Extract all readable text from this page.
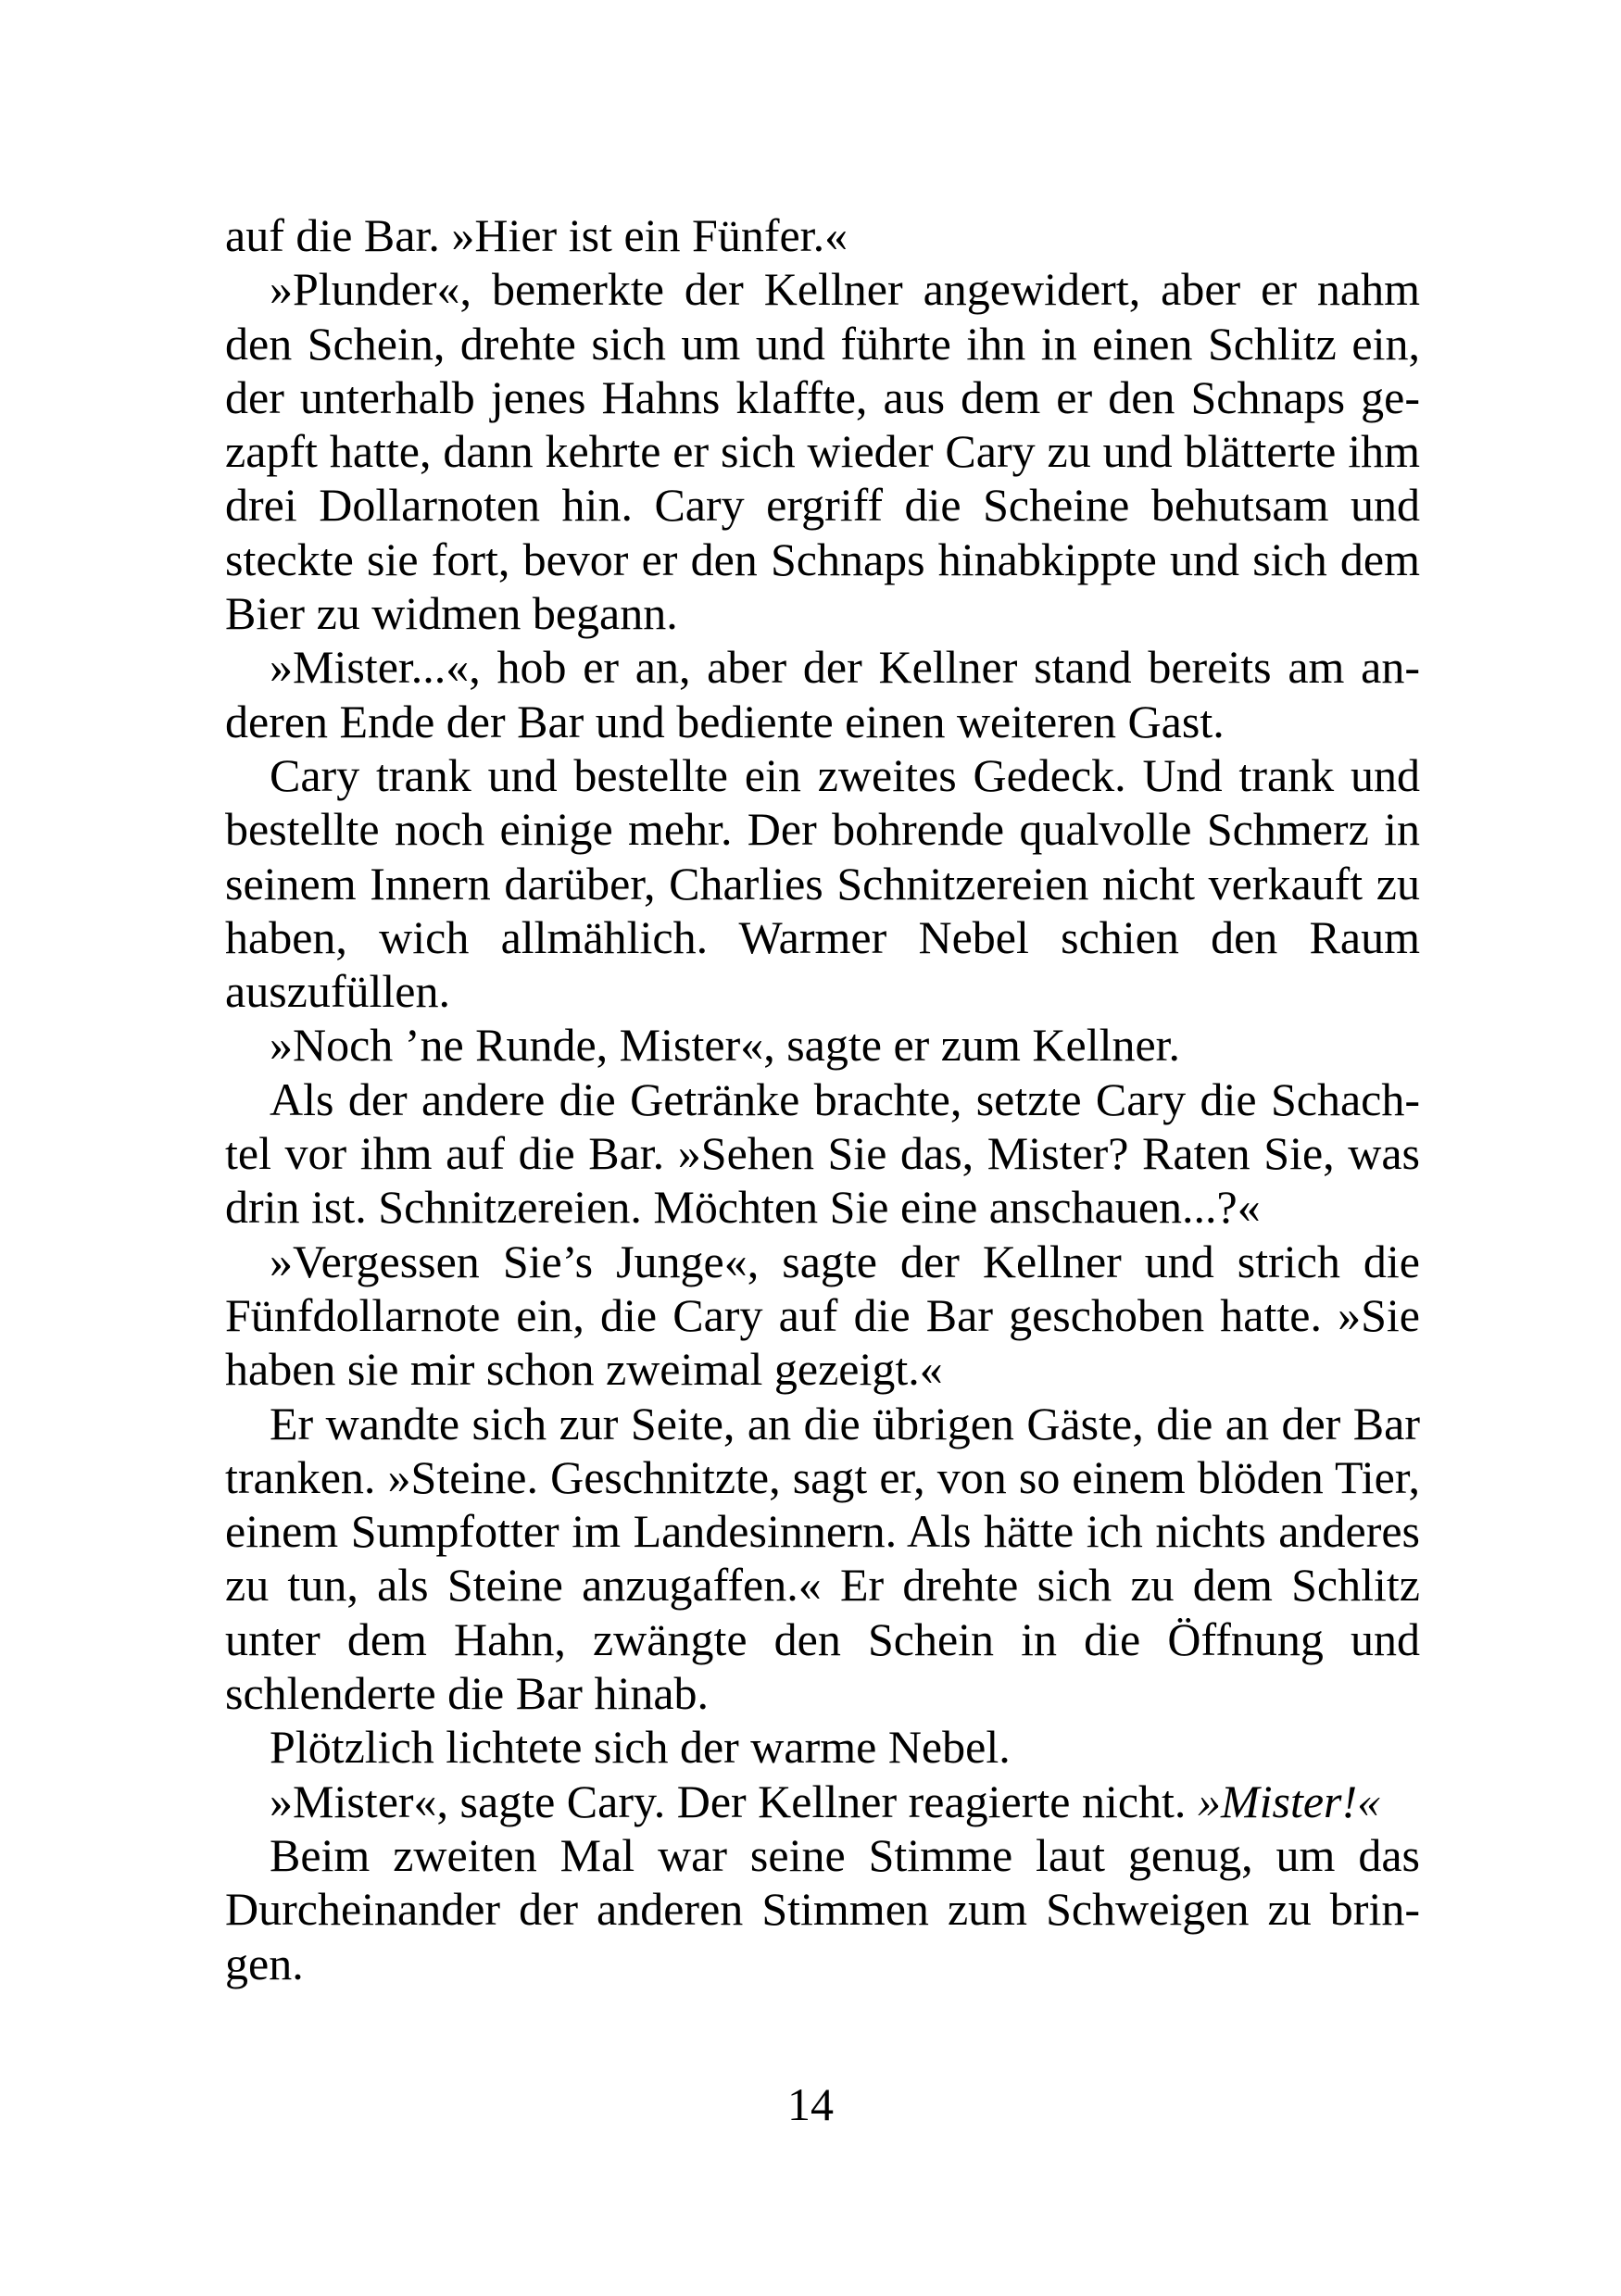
auf die Bar. »Hier ist ein Fünfer.«

»Plunder«, bemerkte der Kellner angewidert, aber er nahm den Schein, drehte sich um und führte ihn in einen Schlitz ein, der unterhalb jenes Hahns klaffte, aus dem er den Schnaps gezapft hatte, dann kehrte er sich wieder Cary zu und blätterte ihm drei Dollarnoten hin. Cary ergriff die Scheine behutsam und steckte sie fort, bevor er den Schnaps hinabkippte und sich dem Bier zu widmen begann.

»Mister...«, hob er an, aber der Kellner stand bereits am anderen Ende der Bar und bediente einen weiteren Gast.

Cary trank und bestellte ein zweites Gedeck. Und trank und bestellte noch einige mehr. Der bohrende qualvolle Schmerz in seinem Innern darüber, Charlies Schnitzereien nicht verkauft zu haben, wich allmählich. Warmer Nebel schien den Raum auszufüllen.

»Noch ’ne Runde, Mister«, sagte er zum Kellner.

Als der andere die Getränke brachte, setzte Cary die Schachtel vor ihm auf die Bar. »Sehen Sie das, Mister? Raten Sie, was drin ist. Schnitzereien. Möchten Sie eine anschauen...?«

»Vergessen Sie’s Junge«, sagte der Kellner und strich die Fünfdollarnote ein, die Cary auf die Bar geschoben hatte. »Sie haben sie mir schon zweimal gezeigt.«

Er wandte sich zur Seite, an die übrigen Gäste, die an der Bar tranken. »Steine. Geschnitzte, sagt er, von so einem blöden Tier, einem Sumpfotter im Landesinnern. Als hätte ich nichts anderes zu tun, als Steine anzugaffen.« Er drehte sich zu dem Schlitz unter dem Hahn, zwängte den Schein in die Öffnung und schlenderte die Bar hinab.

Plötzlich lichtete sich der warme Nebel.

»Mister«, sagte Cary. Der Kellner reagierte nicht. »Mister!«

Beim zweiten Mal war seine Stimme laut genug, um das Durcheinander der anderen Stimmen zum Schweigen zu bringen.

14
